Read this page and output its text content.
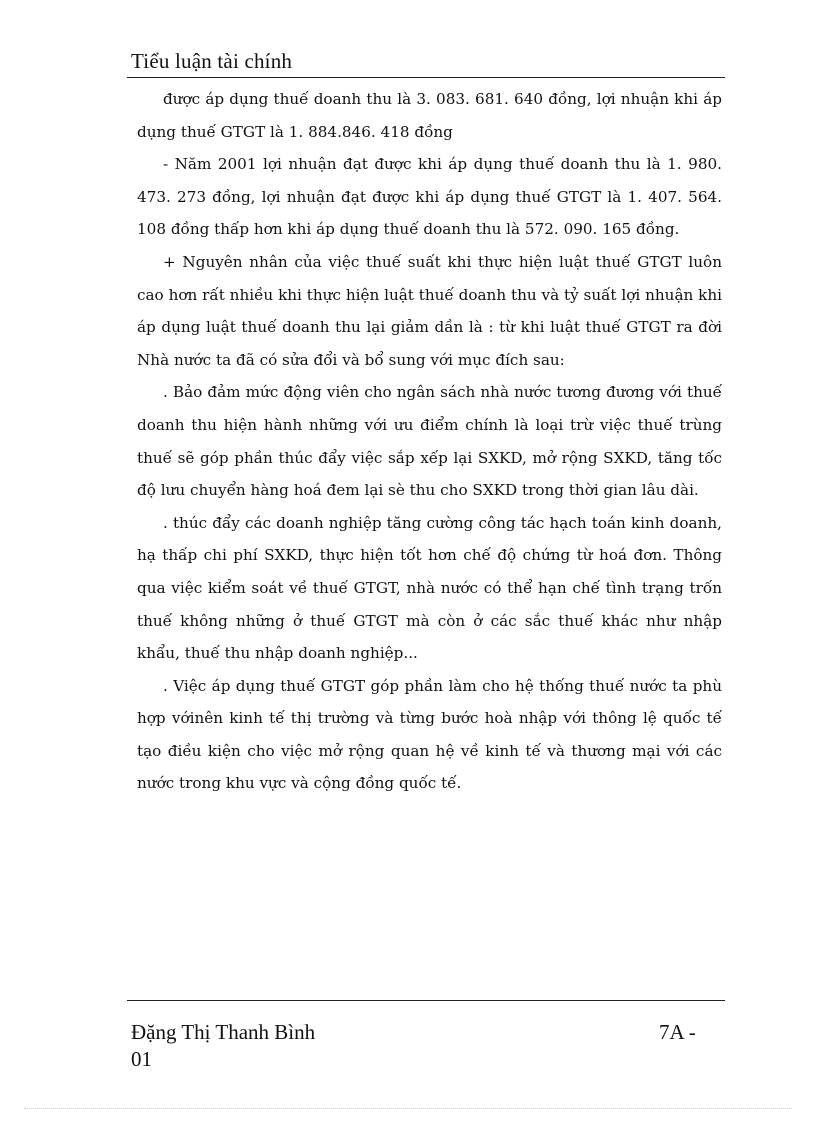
Tiểu luận tài chính

được áp dụng thuế doanh thu là 3. 083. 681. 640 đồng, lợi nhuận khi áp dụng thuế GTGT là 1. 884.846. 418 đồng

- Năm 2001 lợi nhuận đạt được khi áp dụng thuế doanh thu là 1. 980. 473. 273 đồng, lợi nhuận đạt được khi áp dụng thuế GTGT là 1. 407. 564. 108 đồng thấp hơn khi áp dụng thuế doanh thu là 572. 090. 165 đồng.

+ Nguyên nhân của việc thuế suất khi thực hiện luật thuế GTGT luôn cao hơn rất nhiều khi thực hiện luật thuế doanh thu và tỷ suất lợi nhuận khi áp dụng luật thuế doanh thu lại giảm dần là : từ khi luật thuế GTGT ra đời Nhà nước ta đã có sửa đổi và bổ sung với mục đích sau:

. Bảo đảm mức động viên cho ngân sách nhà nước tương đương với thuế doanh thu hiện hành những với ưu điểm chính là loại trừ việc thuế trùng thuế sẽ góp phần thúc đẩy việc sắp xếp lại SXKD, mở rộng SXKD, tăng tốc độ lưu chuyển hàng hoá đem lại sè thu cho SXKD trong thời gian lâu dài.

. thúc đẩy các doanh nghiệp tăng cường công tác hạch toán kinh doanh, hạ thấp chi phí SXKD, thực hiện tốt hơn chế độ chứng từ hoá đơn. Thông qua việc kiểm soát về thuế GTGT, nhà nước có thể hạn chế tình trạng trốn thuế không những ở thuế GTGT mà còn ở các sắc thuế khác như nhập khẩu, thuế thu nhập doanh nghiệp...

. Việc áp dụng thuế GTGT góp phần làm cho hệ thống thuế nước ta phù hợp vớinên kinh tế thị trường và từng bước hoà nhập với thông lệ quốc tế tạo điều kiện cho việc mở rộng quan hệ về kinh tế và thương mại với các nước trong khu vực và cộng đồng quốc tế.

Đặng Thị Thanh Bình
01
7A -
